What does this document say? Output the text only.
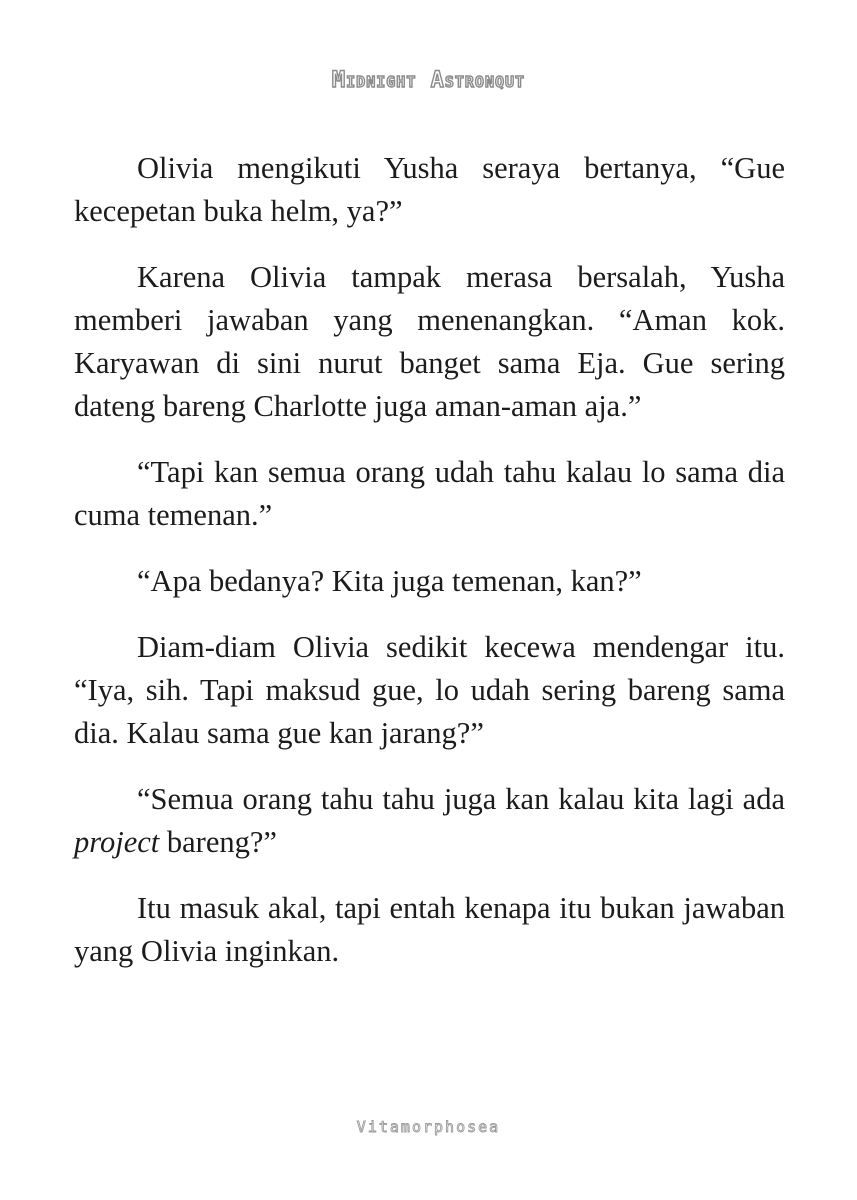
Midnight Astronqut

Olivia mengikuti Yusha seraya bertanya, “Gue kecepetan buka helm, ya?”

Karena Olivia tampak merasa bersalah, Yusha memberi jawaban yang menenangkan. “Aman kok. Karyawan di sini nurut banget sama Eja. Gue sering dateng bareng Charlotte juga aman-aman aja.”

“Tapi kan semua orang udah tahu kalau lo sama dia cuma temenan.”

“Apa bedanya? Kita juga temenan, kan?”

Diam-diam Olivia sedikit kecewa mendengar itu. “Iya, sih. Tapi maksud gue, lo udah sering bareng sama dia. Kalau sama gue kan jarang?”

“Semua orang tahu tahu juga kan kalau kita lagi ada project bareng?”

Itu masuk akal, tapi entah kenapa itu bukan jawaban yang Olivia inginkan.

Vitamorphosea
